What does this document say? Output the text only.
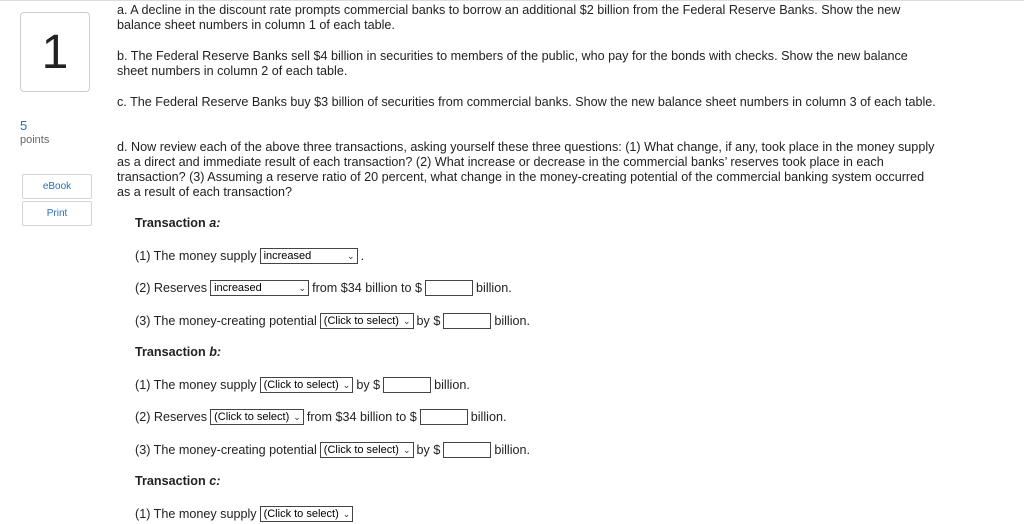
1
5
points
eBook
Print
a. A decline in the discount rate prompts commercial banks to borrow an additional $2 billion from the Federal Reserve Banks. Show the new balance sheet numbers in column 1 of each table.
b. The Federal Reserve Banks sell $4 billion in securities to members of the public, who pay for the bonds with checks. Show the new balance sheet numbers in column 2 of each table.
c. The Federal Reserve Banks buy $3 billion of securities from commercial banks. Show the new balance sheet numbers in column 3 of each table.
d. Now review each of the above three transactions, asking yourself these three questions: (1) What change, if any, took place in the money supply as a direct and immediate result of each transaction? (2) What increase or decrease in the commercial banks’ reserves took place in each transaction? (3) Assuming a reserve ratio of 20 percent, what change in the money-creating potential of the commercial banking system occurred as a result of each transaction?
Transaction a:
(1) The money supply increased	⌄ .
(2) Reserves increased	⌄ from $34 billion to $	billion.
(3) The money-creating potential (Click to select) ⌄ by $	billion.
Transaction b:
(1) The money supply (Click to select) ⌄ by $	billion.
(2) Reserves (Click to select) ⌄ from $34 billion to $	billion.
(3) The money-creating potential (Click to select) ⌄ by $	billion.
Transaction c:
(1) The money supply (Click to select) ⌄
